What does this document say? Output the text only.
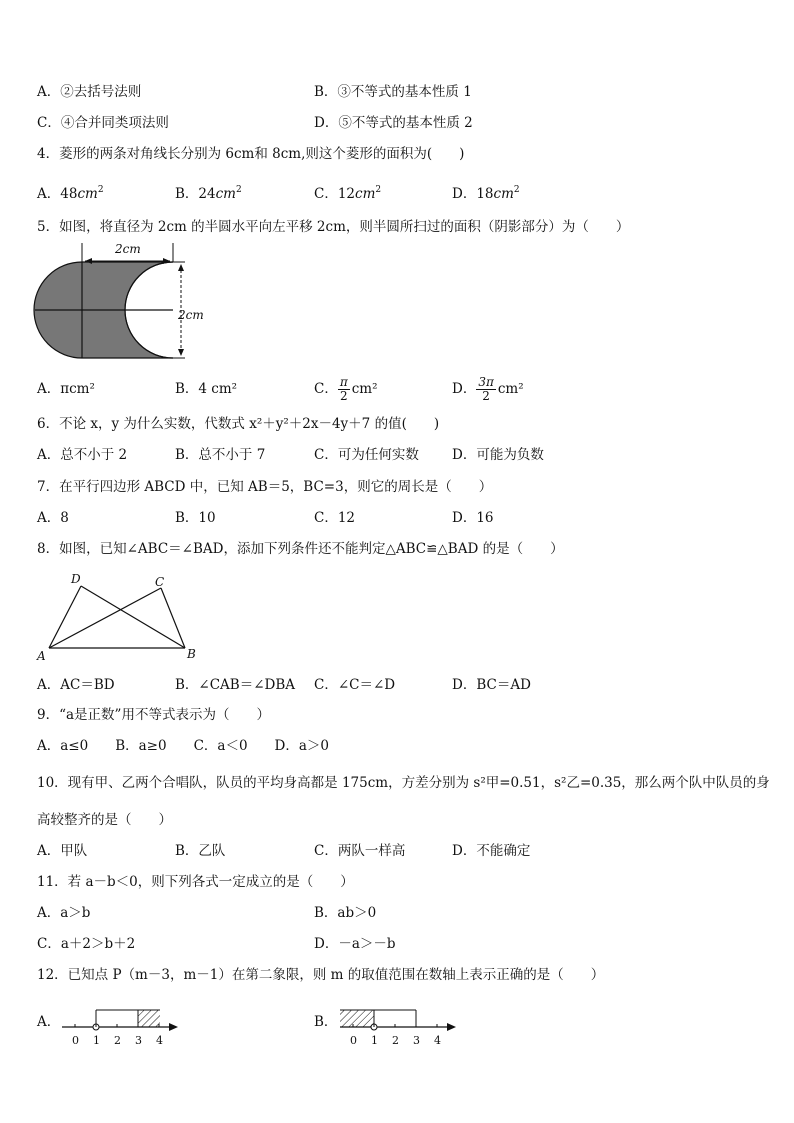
A．②去括号法则	B．③不等式的基本性质 1
C．④合并同类项法则	D．⑤不等式的基本性质 2
4．菱形的两条对角线长分别为 6cm和 8cm,则这个菱形的面积为(　　)
A．$48cm^2$	B．$24cm^2$	C．$12cm^2$	D．$18cm^2$
5．如图，将直径为 2cm 的半圆水平向左平移 2cm，则半圆所扫过的面积（阴影部分）为（　　）
2cm
2cm
A．πcm²	B．4 cm²	C． $\frac{\pi}{2} cm^2$	D． $\frac{3\pi}{2} cm^2$
6．不论 x，y 为什么实数，代数式 x²＋y²＋2x－4y＋7 的值(　　)
A．总不小于 2	B．总不小于 7	C．可为任何实数 D．可能为负数
7．在平行四边形 ABCD 中，已知 AB＝5，BC=3，则它的周长是（　　）
A．8	B．10	C．12	D．16
8．如图，已知∠ABC＝∠BAD，添加下列条件还不能判定△ABC≌△BAD 的是（　　）
A	B
C
D
A．AC＝BD	B．∠CAB＝∠DBA C．∠C＝∠D	D．BC＝AD
9．“a是正数”用不等式表示为（　　）
A．a≤0　　B．a≥0　　C．a＜0　　D．a＞0
10．现有甲、乙两个合唱队，队员的平均身高都是 175cm，方差分别为 s²甲=0.51，s²乙=0.35，那么两个队中队员的身
高较整齐的是（　　）
A．甲队	B．乙队	C．两队一样高	D．不能确定
11．若 a－b＜0，则下列各式一定成立的是（　　）
A．a＞b	B．ab＞0
C．a＋2＞b＋2	D．－a＞－b
12．已知点 P（m－3，m－1）在第二象限，则 m 的取值范围在数轴上表示正确的是（　　）
A．
0 1 2 3 4
B．
0 1 2 3 4
